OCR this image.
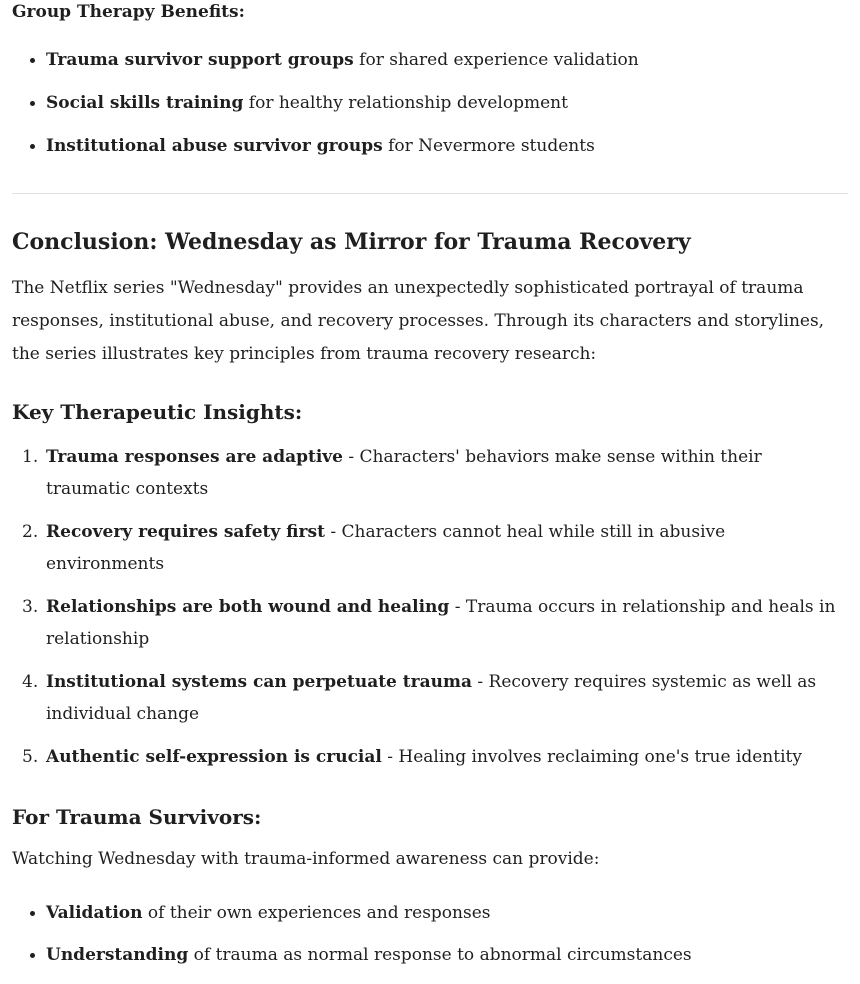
Group Therapy Benefits:
Trauma survivor support groups for shared experience validation
Social skills training for healthy relationship development
Institutional abuse survivor groups for Nevermore students
Conclusion: Wednesday as Mirror for Trauma Recovery

The Netflix series "Wednesday" provides an unexpectedly sophisticated portrayal of trauma responses, institutional abuse, and recovery processes. Through its characters and storylines, the series illustrates key principles from trauma recovery research:

Key Therapeutic Insights:
1. Trauma responses are adaptive - Characters' behaviors make sense within their traumatic contexts
2. Recovery requires safety first - Characters cannot heal while still in abusive environments
3. Relationships are both wound and healing - Trauma occurs in relationship and heals in relationship
4. Institutional systems can perpetuate trauma - Recovery requires systemic as well as individual change
5. Authentic self-expression is crucial - Healing involves reclaiming one's true identity
For Trauma Survivors:

Watching Wednesday with trauma-informed awareness can provide:

Validation of their own experiences and responses
Understanding of trauma as normal response to abnormal circumstances
